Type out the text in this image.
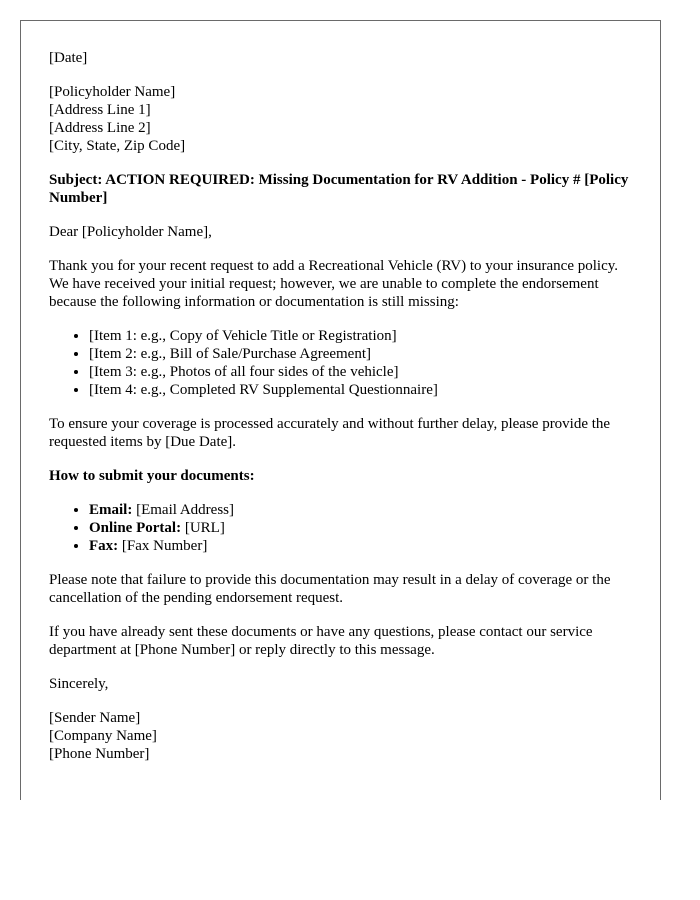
[Date]

[Policyholder Name]
[Address Line 1]
[Address Line 2]
[City, State, Zip Code]

Subject: ACTION REQUIRED: Missing Documentation for RV Addition - Policy # [Policy Number]

Dear [Policyholder Name],

Thank you for your recent request to add a Recreational Vehicle (RV) to your insurance policy. We have received your initial request; however, we are unable to complete the endorsement because the following information or documentation is still missing:

• [Item 1: e.g., Copy of Vehicle Title or Registration]
• [Item 2: e.g., Bill of Sale/Purchase Agreement]
• [Item 3: e.g., Photos of all four sides of the vehicle]
• [Item 4: e.g., Completed RV Supplemental Questionnaire]

To ensure your coverage is processed accurately and without further delay, please provide the requested items by [Due Date].

How to submit your documents:

• Email: [Email Address]
• Online Portal: [URL]
• Fax: [Fax Number]

Please note that failure to provide this documentation may result in a delay of coverage or the cancellation of the pending endorsement request.

If you have already sent these documents or have any questions, please contact our service department at [Phone Number] or reply directly to this message.

Sincerely,

[Sender Name]
[Company Name]
[Phone Number]
